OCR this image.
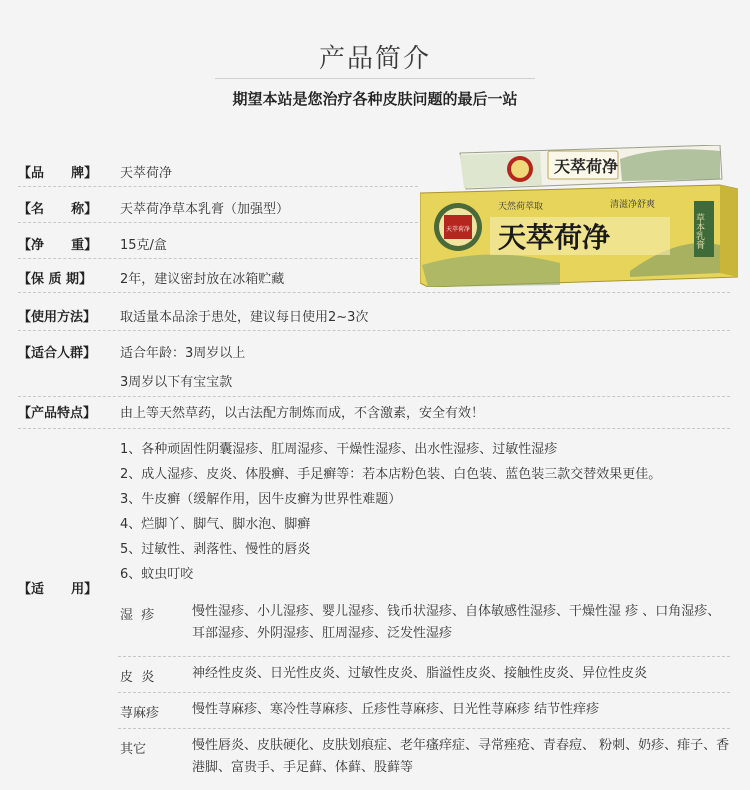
产品简介
期望本站是您治疗各种皮肤问题的最后一站
【品      牌】	天萃荷净
【名      称】	天萃荷净草本乳膏（加强型）
【净      重】	15克/盒
【保 质 期】	2年，建议密封放在冰箱贮藏
【使用方法】	取适量本品涂于患处，建议每日使用2~3次
【适合人群】	适合年龄：3周岁以上
3周岁以下有宝宝款
【产品特点】	由上等天然草药，以古法配方制炼而成，不含激素，安全有效！
【适      用】
1、各种顽固性阴囊湿疹、肛周湿疹、干燥性湿疹、出水性湿疹、过敏性湿疹
2、成人湿疹、皮炎、体股癣、手足癣等：若本店粉色装、白色装、蓝色装三款交替效果更佳。
3、牛皮癣（缓解作用，因牛皮癣为世界性难题）
4、烂脚丫、脚气、脚水泡、脚癣
5、过敏性、剥落性、慢性的唇炎
6、蚊虫叮咬
湿  疹	慢性湿疹、小儿湿疹、婴儿湿疹、钱币状湿疹、自体敏感性湿疹、干燥性湿 疹 、口角湿疹、耳部湿疹、外阴湿疹、肛周湿疹、泛发性湿疹
皮  炎	神经性皮炎、日光性皮炎、过敏性皮炎、脂溢性皮炎、接触性皮炎、异位性皮炎
荨麻疹	慢性荨麻疹、寒冷性荨麻疹、丘疹性荨麻疹、日光性荨麻疹 结节性痒疹
其它	慢性唇炎、皮肤硬化、皮肤划痕症、老年瘙痒症、寻常痤疮、青春痘、 粉刺、奶疹、痱子、香港脚、富贵手、手足藓、体藓、股藓等
天萃荷净
天然荷萃取	清滋净舒爽
天萃荷净
天萃荷净	草本乳膏
